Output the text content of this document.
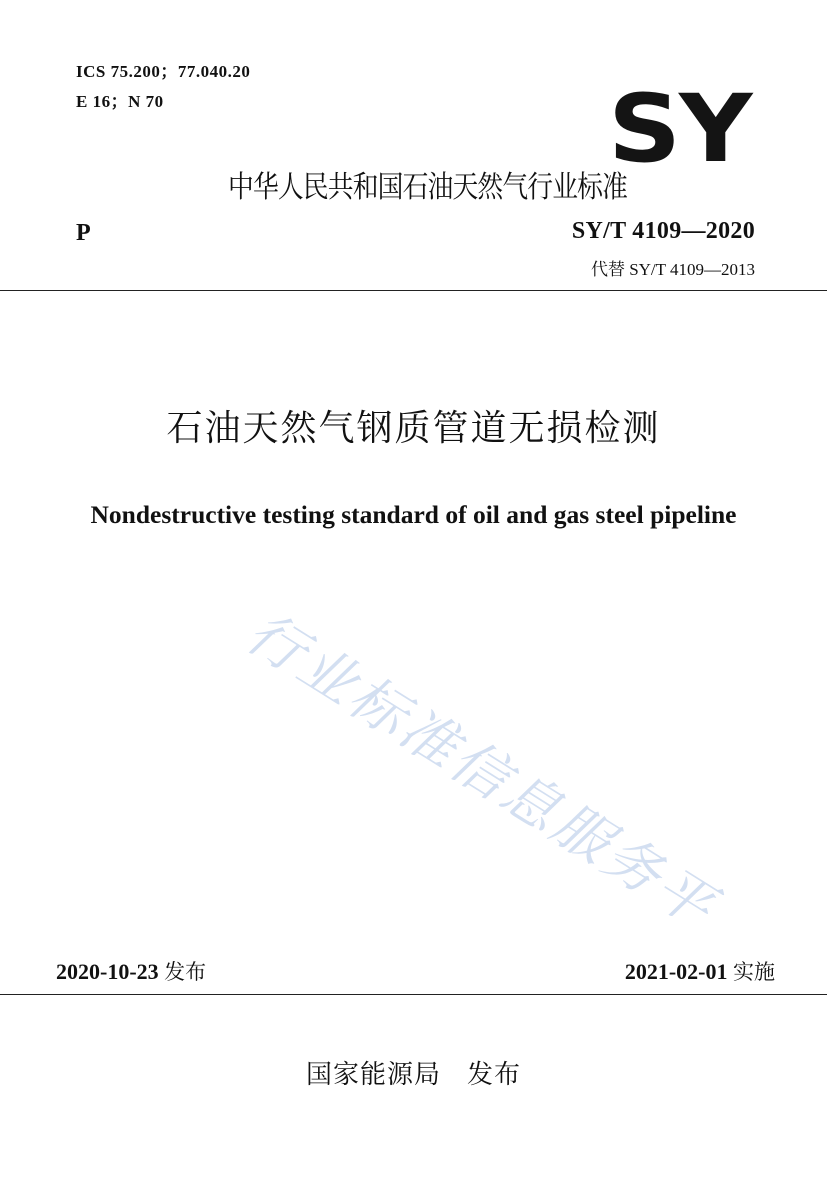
ICS 75.200；77.040.20
E 16；N 70	SY
中华人民共和国石油天然气行业标准
P	SY/T 4109—2020
代替 SY/T 4109—2013
石油天然气钢质管道无损检测
Nondestructive testing standard of oil and gas steel pipeline
行业标准信息服务平
2020-10-23 发布	2021-02-01 实施
国家能源局 发布
